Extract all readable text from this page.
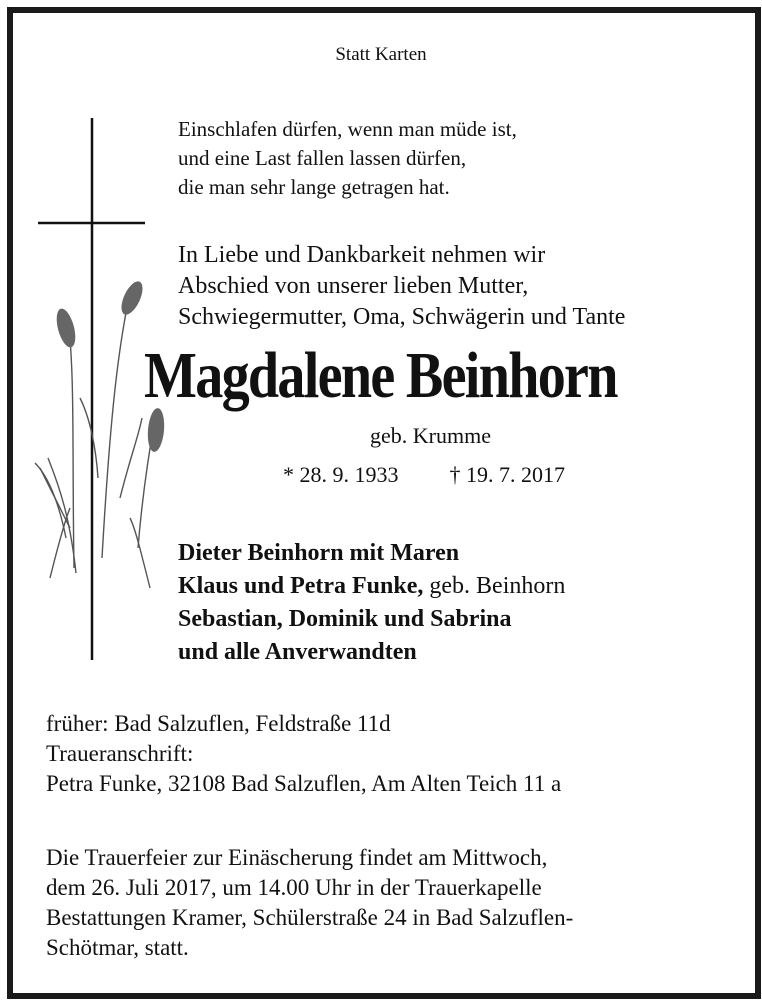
Statt Karten
Einschlafen dürfen, wenn man müde ist,
und eine Last fallen lassen dürfen,
die man sehr lange getragen hat.
In Liebe und Dankbarkeit nehmen wir
Abschied von unserer lieben Mutter,
Schwiegermutter, Oma, Schwägerin und Tante
Magdalene Beinhorn
geb. Krumme
* 28. 9. 1933 † 19. 7. 2017
Dieter Beinhorn mit Maren
Klaus und Petra Funke, geb. Beinhorn
Sebastian, Dominik und Sabrina
und alle Anverwandten
früher: Bad Salzuflen, Feldstraße 11d
Traueranschrift:
Petra Funke, 32108 Bad Salzuflen, Am Alten Teich 11 a
Die Trauerfeier zur Einäscherung findet am Mittwoch,
dem 26. Juli 2017, um 14.00 Uhr in der Trauerkapelle
Bestattungen Kramer, Schülerstraße 24 in Bad Salzuflen-
Schötmar, statt.
